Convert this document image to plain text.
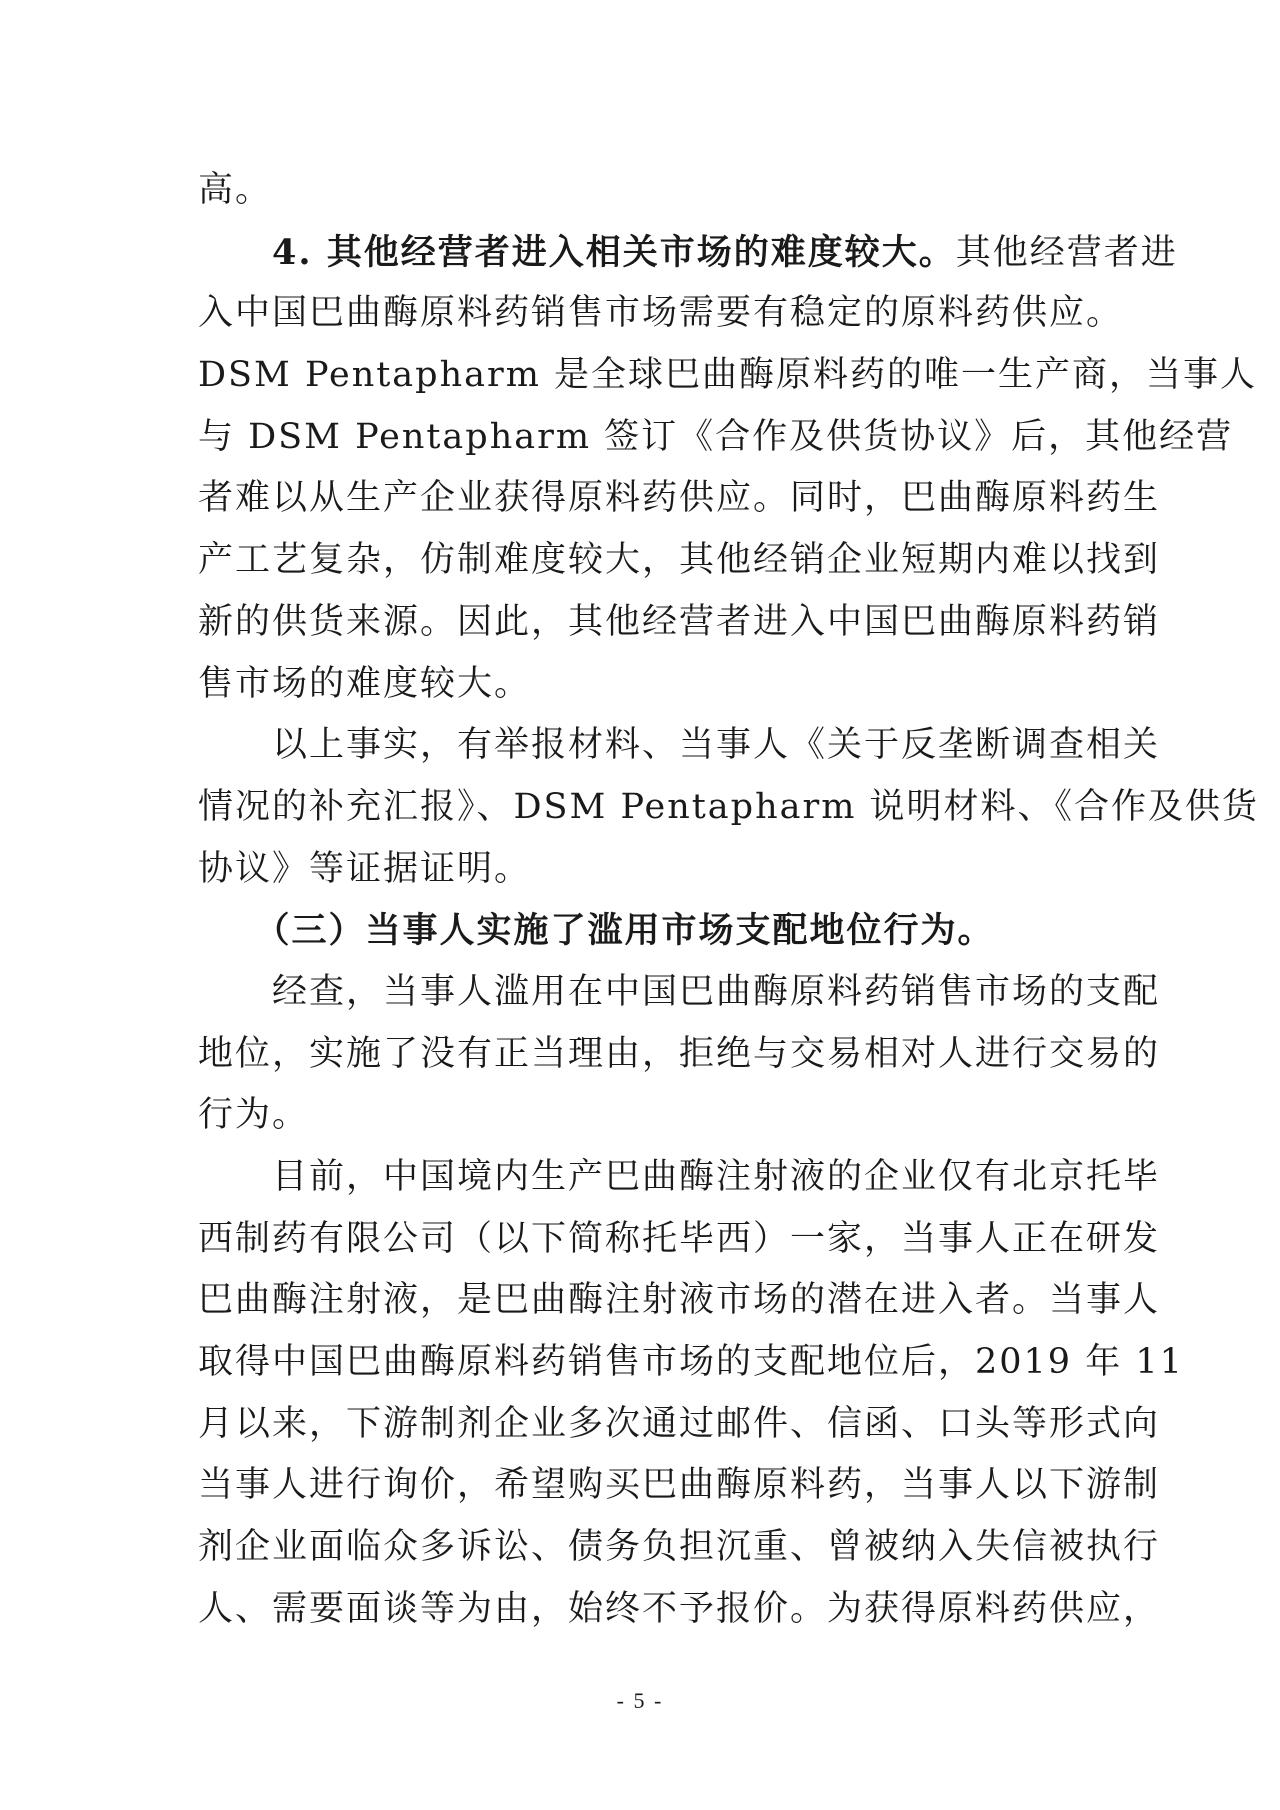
高。
　　4. 其他经营者进入相关市场的难度较大。其他经营者进
入中国巴曲酶原料药销售市场需要有稳定的原料药供应。
DSM Pentapharm 是全球巴曲酶原料药的唯一生产商，当事人
与 DSM Pentapharm 签订《合作及供货协议》后，其他经营
者难以从生产企业获得原料药供应。同时，巴曲酶原料药生
产工艺复杂，仿制难度较大，其他经销企业短期内难以找到
新的供货来源。因此，其他经营者进入中国巴曲酶原料药销
售市场的难度较大。
　　以上事实，有举报材料、当事人《关于反垄断调查相关
情况的补充汇报》、DSM Pentapharm 说明材料、《合作及供货
协议》等证据证明。
　　（三）当事人实施了滥用市场支配地位行为。
　　经查，当事人滥用在中国巴曲酶原料药销售市场的支配
地位，实施了没有正当理由，拒绝与交易相对人进行交易的
行为。
　　目前，中国境内生产巴曲酶注射液的企业仅有北京托毕
西制药有限公司（以下简称托毕西）一家，当事人正在研发
巴曲酶注射液，是巴曲酶注射液市场的潜在进入者。当事人
取得中国巴曲酶原料药销售市场的支配地位后，2019 年 11
月以来，下游制剂企业多次通过邮件、信函、口头等形式向
当事人进行询价，希望购买巴曲酶原料药，当事人以下游制
剂企业面临众多诉讼、债务负担沉重、曾被纳入失信被执行
人、需要面谈等为由，始终不予报价。为获得原料药供应，
- 5 -
